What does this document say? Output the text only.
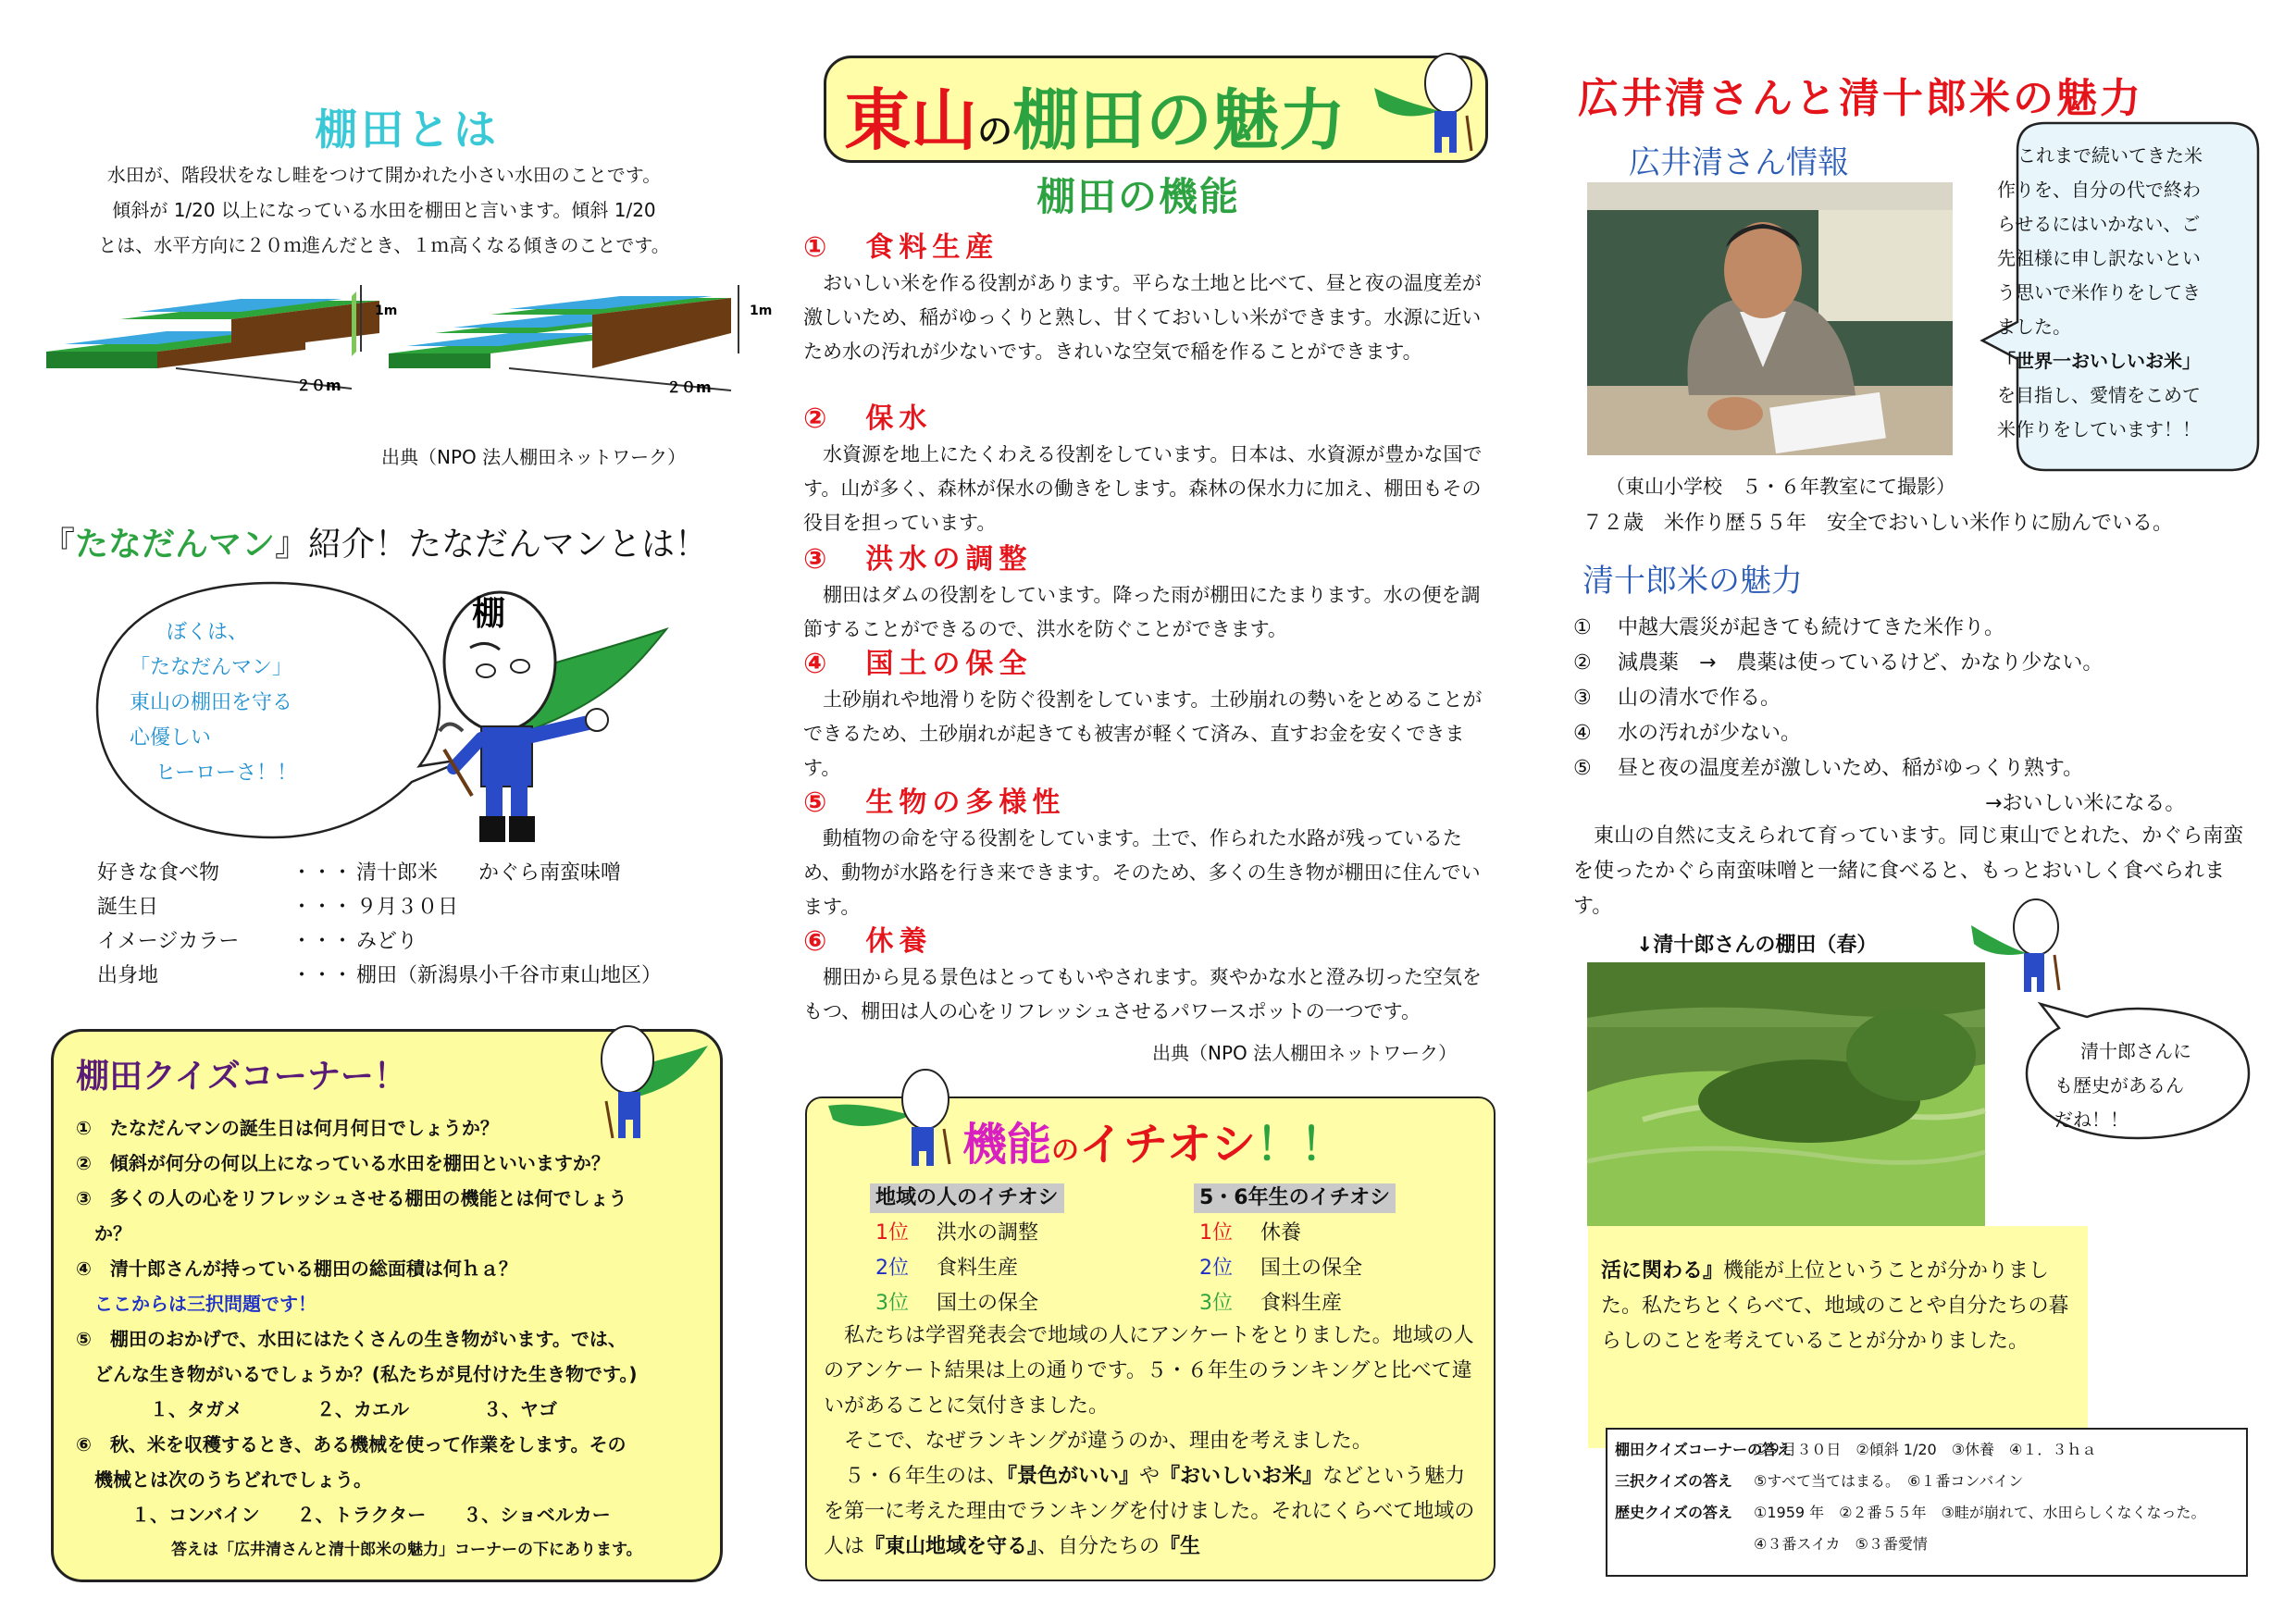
棚田とは
水田が、階段状をなし畦をつけて開かれた小さい水田のことです。
傾斜が 1/20 以上になっている水田を棚田と言います。傾斜 1/20
とは、水平方向に２０ｍ進んだとき、１ｍ高くなる傾きのことです。
1m
２０m
1m
２０m
出典（NPO 法人棚田ネットワーク）
『たなだんマン』紹介！たなだんマンとは！
ぼくは、
「たなだんマン」
東山の棚田を守る
心優しい
ヒーローさ！！
棚
好きな食べ物	・・・ 清十郎米　　かぐら南蛮味噌
誕生日	・・・ ９月３０日
イメージカラー	・・・ みどり
出身地	・・・ 棚田（新潟県小千谷市東山地区）
棚田クイズコーナー！
①　たなだんマンの誕生日は何月何日でしょうか？
②　傾斜が何分の何以上になっている水田を棚田といいますか？
③　多くの人の心をリフレッシュさせる棚田の機能とは何でしょう
　か？
④　清十郎さんが持っている棚田の総面積は何ｈａ？
　ここからは三択問題です！
⑤　棚田のおかげで、水田にはたくさんの生き物がいます。では、
　どんな生き物がいるでしょうか？(私たちが見付けた生き物です。)
　　　　１、タガメ　　　　２、カエル　　　　３、ヤゴ
⑥　秋、米を収穫するとき、ある機械を使って作業をします。その
　機械とは次のうちどれでしょう。
　　　１、コンバイン　　２、トラクター　　３、ショベルカー
答えは「広井清さんと清十郎米の魅力」コーナーの下にあります。
東山の棚田の魅力
棚田の機能

①　食料生産

おいしい米を作る役割があります。平らな土地と比べて、昼と夜の温度差が激しいため、稲がゆっくりと熟し、甘くておいしい米ができます。水源に近いため水の汚れが少ないです。きれいな空気で稲を作ることができます。

②　保水

水資源を地上にたくわえる役割をしています。日本は、水資源が豊かな国です。山が多く、森林が保水の働きをします。森林の保水力に加え、棚田もその役目を担っています。

③　洪水の調整

棚田はダムの役割をしています。降った雨が棚田にたまります。水の便を調節することができるので、洪水を防ぐことができます。

④　国土の保全

土砂崩れや地滑りを防ぐ役割をしています。土砂崩れの勢いをとめることができるため、土砂崩れが起きても被害が軽くて済み、直すお金を安くできます。

⑤　生物の多様性

動植物の命を守る役割をしています。土で、作られた水路が残っているため、動物が水路を行き来できます。そのため、多くの生き物が棚田に住んでいます。

⑥　休養

棚田から見る景色はとってもいやされます。爽やかな水と澄み切った空気をもつ、棚田は人の心をリフレッシュさせるパワースポットの一つです。

出典（NPO 法人棚田ネットワーク）
機能のイチオシ！！
地域の人のイチオシ
1位	洪水の調整
2位	食料生産
3位	国土の保全
5・6年生のイチオシ
1位	休養
2位	国土の保全
3位	食料生産
私たちは学習発表会で地域の人にアンケートをとりました。地域の人のアンケート結果は上の通りです。５・６年生のランキングと比べて違いがあることに気付きました。
そこで、なぜランキングが違うのか、理由を考えました。
５・６年生のは、『景色がいい』や『おいしいお米』などという魅力を第一に考えた理由でランキングを付けました。それにくらべて地域の人は『東山地域を守る』、自分たちの『生
広井清さんと清十郎米の魅力
広井清さん情報	これまで続いてきた米
作りを、自分の代で終わ
らせるにはいかない、ご
先祖様に申し訳ないとい
う思いで米作りをしてき
ました。
「世界一おいしいお米」
を目指し、愛情をこめて
米作りをしています！！
（東山小学校　５・６年教室にて撮影）
７２歳　米作り歴５５年　安全でおいしい米作りに励んでいる。
清十郎米の魅力
①	中越大震災が起きても続けてきた米作り。
②	減農薬　→　農薬は使っているけど、かなり少ない。
③	山の清水で作る。
④	水の汚れが少ない。
⑤	昼と夜の温度差が激しいため、稲がゆっくり熟す。
→おいしい米になる。
東山の自然に支えられて育っています。同じ東山でとれた、かぐら南蛮を使ったかぐら南蛮味噌と一緒に食べると、もっとおいしく食べられます。
↓清十郎さんの棚田（春）
清十郎さんに
も歴史があるん
だね！！
活に関わる』機能が上位ということが分かりました。私たちとくらべて、地域のことや自分たちの暮らしのことを考えていることが分かりました。
棚田クイズコーナーの答え①９月３０日　②傾斜 1/20　③休養　④１．３ｈａ
三択クイズの答え ⑤すべて当てはまる。　⑥１番コンバイン
歴史クイズの答え ①1959 年　②２番５５年　③畦が崩れて、水田らしくなくなった。
④３番スイカ　⑤３番愛情
